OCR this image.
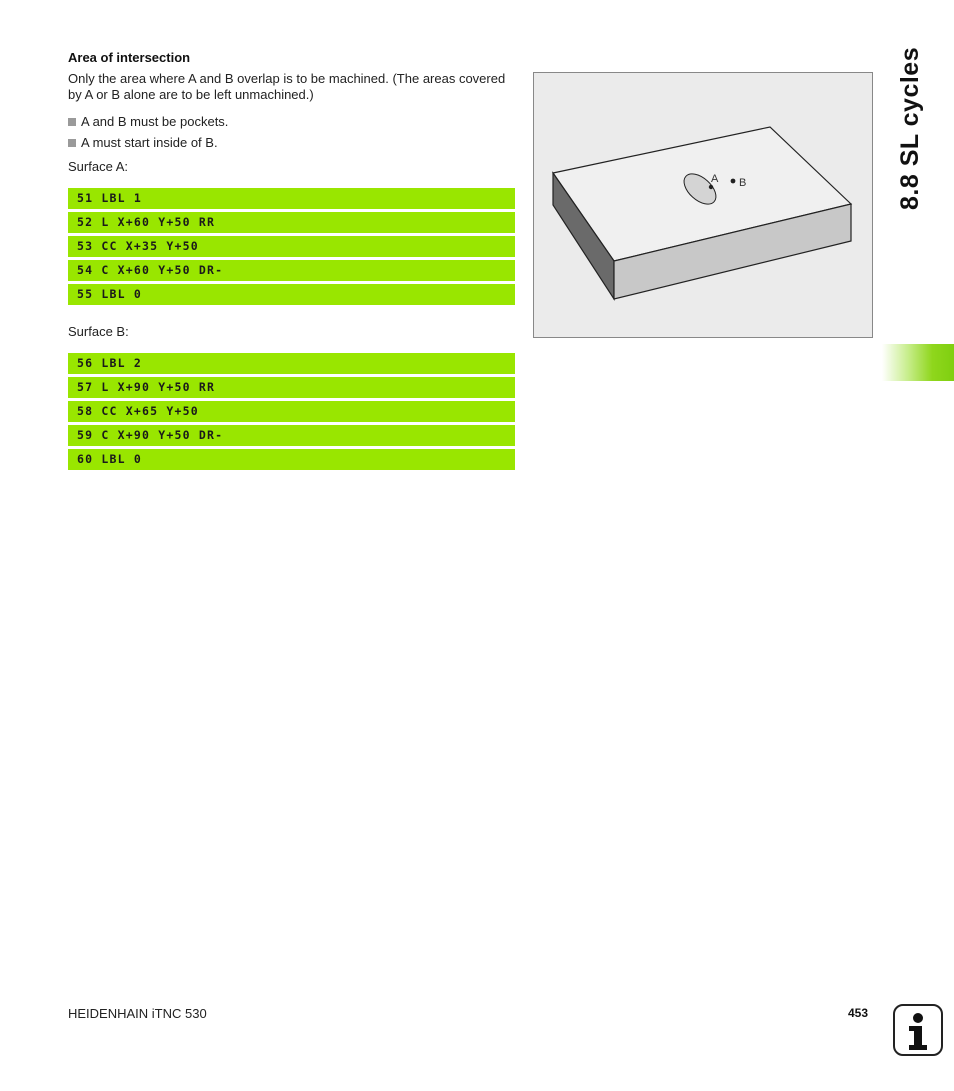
Area of intersection
Only the area where A and B overlap is to be machined. (The areas covered by A or B alone are to be left unmachined.)
A and B must be pockets.
A must start inside of B.
Surface A:
51 LBL 1
52 L X+60 Y+50 RR
53 CC X+35 Y+50
54 C X+60 Y+50 DR-
55 LBL 0
Surface B:
56 LBL 2
57 L X+90 Y+50 RR
58 CC X+65 Y+50
59 C X+90 Y+50 DR-
60 LBL 0
A B	8.8 SL cycles
HEIDENHAIN iTNC 530	453
